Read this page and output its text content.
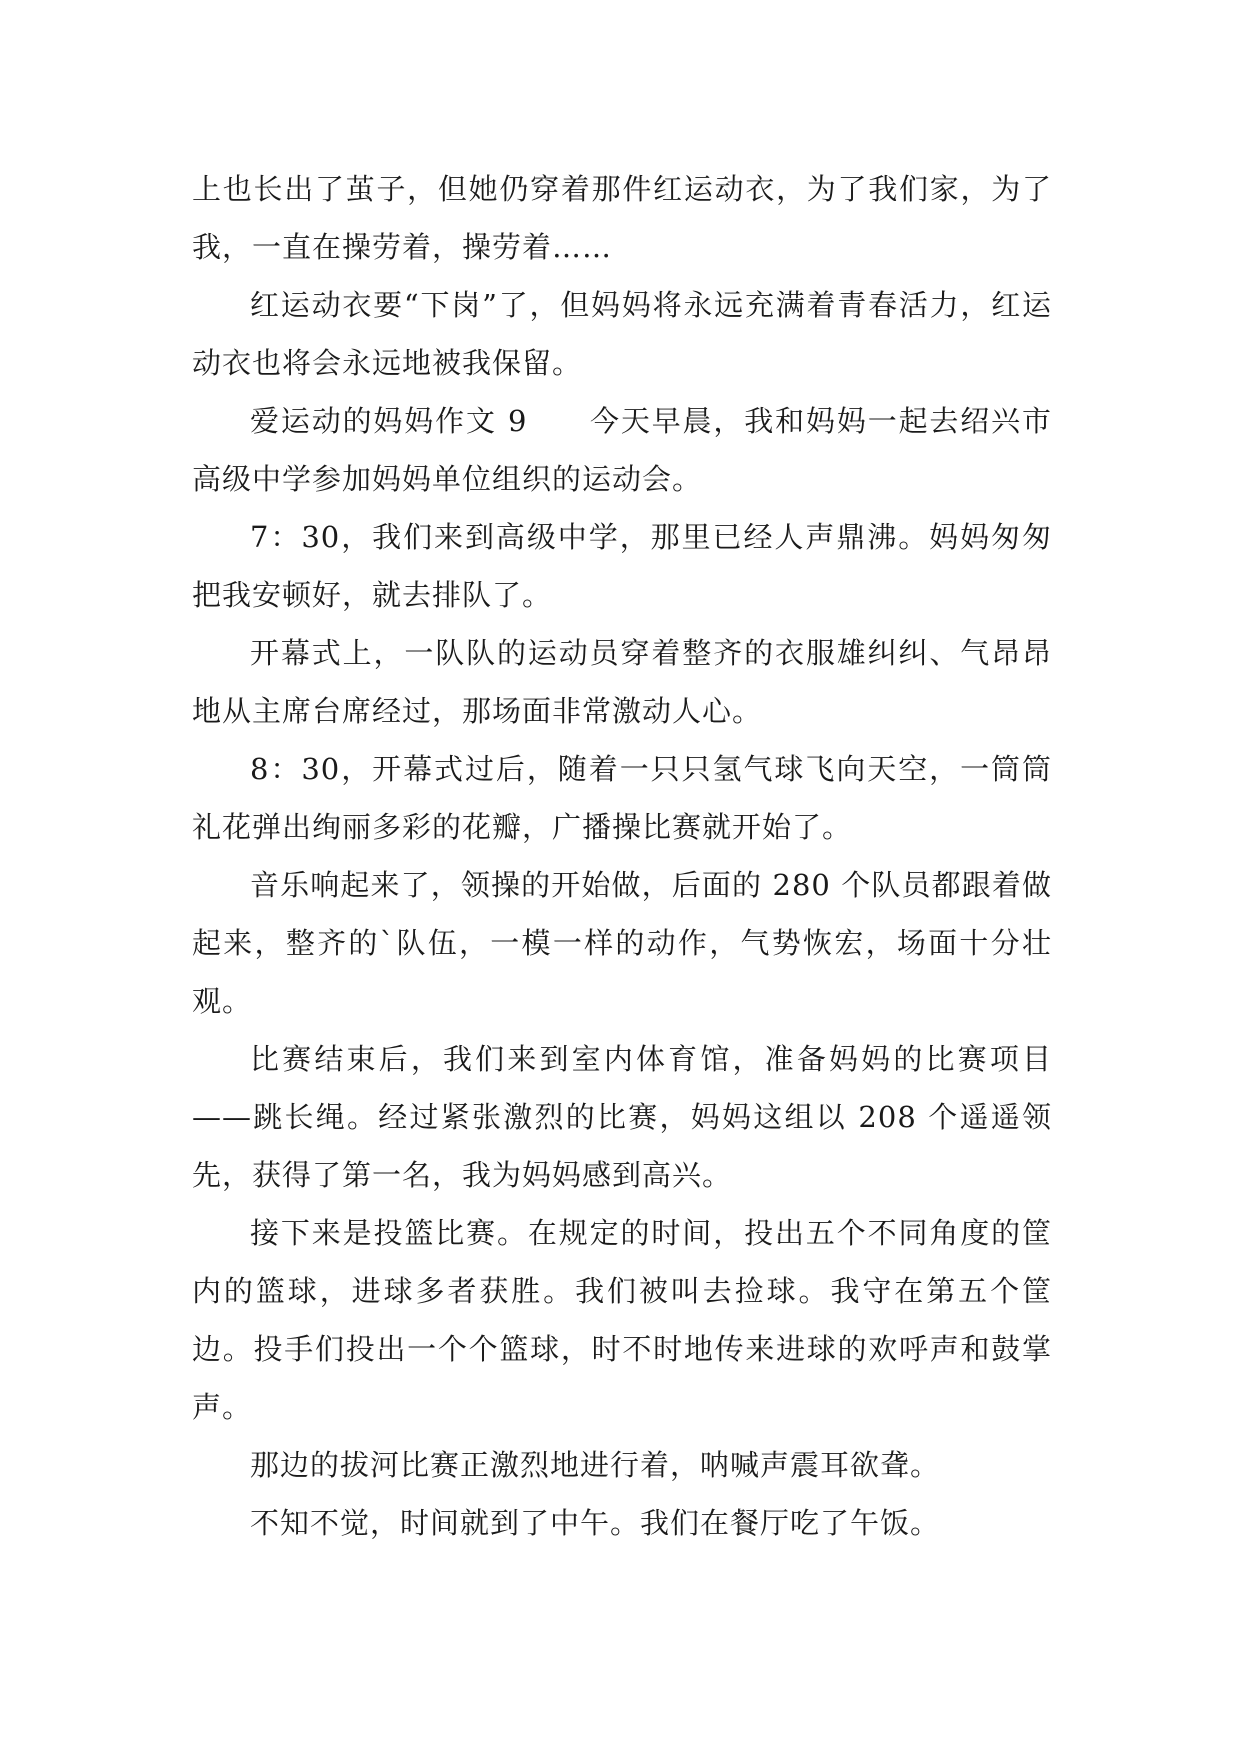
上也长出了茧子，但她仍穿着那件红运动衣，为了我们家，为了我，一直在操劳着，操劳着……

红运动衣要“下岗”了，但妈妈将永远充满着青春活力，红运动衣也将会永远地被我保留。

爱运动的妈妈作文 9　　今天早晨，我和妈妈一起去绍兴市高级中学参加妈妈单位组织的运动会。

7：30，我们来到高级中学，那里已经人声鼎沸。妈妈匆匆把我安顿好，就去排队了。

开幕式上，一队队的运动员穿着整齐的衣服雄纠纠、气昂昂地从主席台席经过，那场面非常激动人心。

8：30，开幕式过后，随着一只只氢气球飞向天空，一筒筒礼花弹出绚丽多彩的花瓣，广播操比赛就开始了。

音乐响起来了，领操的开始做，后面的 280 个队员都跟着做起来，整齐的`队伍，一模一样的动作，气势恢宏，场面十分壮观。

比赛结束后，我们来到室内体育馆，准备妈妈的比赛项目——跳长绳。经过紧张激烈的比赛，妈妈这组以 208 个遥遥领先，获得了第一名，我为妈妈感到高兴。

接下来是投篮比赛。在规定的时间，投出五个不同角度的筐内的篮球，进球多者获胜。我们被叫去捡球。我守在第五个筐边。投手们投出一个个篮球，时不时地传来进球的欢呼声和鼓掌声。

那边的拔河比赛正激烈地进行着，呐喊声震耳欲聋。

不知不觉，时间就到了中午。我们在餐厅吃了午饭。
